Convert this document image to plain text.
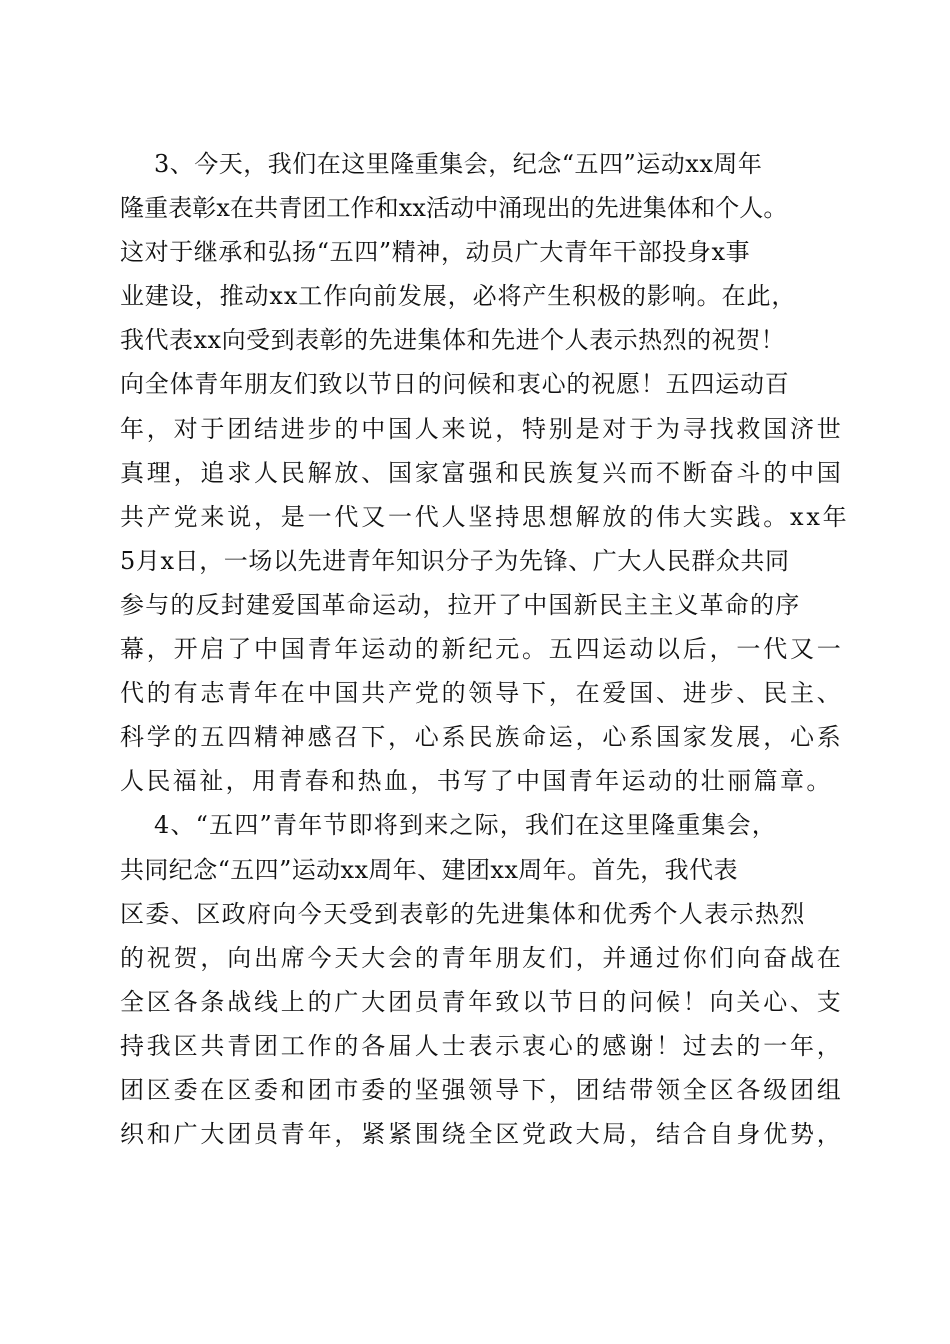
3、今天，我们在这里隆重集会，纪念“五四”运动xx周年
隆重表彰x在共青团工作和xx活动中涌现出的先进集体和个人。
这对于继承和弘扬“五四”精神，动员广大青年干部投身x事
业建设，推动xx工作向前发展，必将产生积极的影响。在此，
我代表xx向受到表彰的先进集体和先进个人表示热烈的祝贺！
向全体青年朋友们致以节日的问候和衷心的祝愿！五四运动百
年，对于团结进步的中国人来说，特别是对于为寻找救国济世
真理，追求人民解放、国家富强和民族复兴而不断奋斗的中国
共产党来说，是一代又一代人坚持思想解放的伟大实践。xx年
5月x日，一场以先进青年知识分子为先锋、广大人民群众共同
参与的反封建爱国革命运动，拉开了中国新民主主义革命的序
幕，开启了中国青年运动的新纪元。五四运动以后，一代又一
代的有志青年在中国共产党的领导下，在爱国、进步、民主、
科学的五四精神感召下，心系民族命运，心系国家发展，心系
人民福祉，用青春和热血，书写了中国青年运动的壮丽篇章。
4、“五四”青年节即将到来之际，我们在这里隆重集会，
共同纪念“五四”运动xx周年、建团xx周年。首先，我代表
区委、区政府向今天受到表彰的先进集体和优秀个人表示热烈
的祝贺，向出席今天大会的青年朋友们，并通过你们向奋战在
全区各条战线上的广大团员青年致以节日的问候！向关心、支
持我区共青团工作的各届人士表示衷心的感谢！过去的一年，
团区委在区委和团市委的坚强领导下，团结带领全区各级团组
织和广大团员青年，紧紧围绕全区党政大局，结合自身优势，
